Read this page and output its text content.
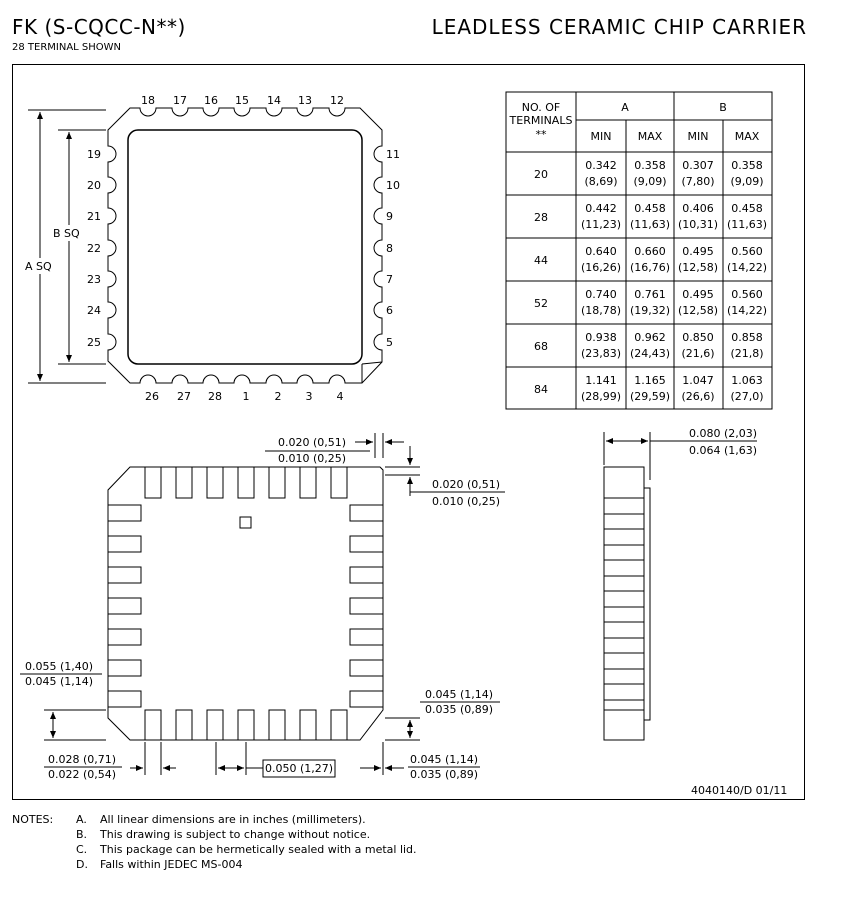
FK (S-CQCC-N**)
28 TERMINAL SHOWN
LEADLESS CERAMIC CHIP CARRIER
A SQ
B SQ
18 17 16 15 14 13 12
19
20
21
22
23
24
25
11
10
9
8
7
6
5
26 27 28 1 2 3 4
NO. OF
TERMINALS
**
A	B
MIN MAX MIN MAX
20
0.342
(8,69)
0.358
(9,09)
0.307
(7,80)
0.358
(9,09)
28
0.442
(11,23)
0.458
(11,63)
0.406
(10,31)
0.458
(11,63)
44
0.640
(16,26)
0.660
(16,76)
0.495
(12,58)
0.560
(14,22)
52
0.740
(18,78)
0.761
(19,32)
0.495
(12,58)
0.560
(14,22)
68
0.938
(23,83)
0.962
(24,43)
0.850
(21,6)
0.858
(21,8)
84
1.141
(28,99)
1.165
(29,59)
1.047
(26,6)
1.063
(27,0)
0.020 (0,51)
0.010 (0,25)
0.020 (0,51)
0.010 (0,25)
0.055 (1,40)
0.045 (1,14)
0.045 (1,14)
0.035 (0,89)
0.028 (0,71)
0.022 (0,54)	0.050 (1,27)
0.045 (1,14)
0.035 (0,89)
0.080 (2,03)
0.064 (1,63)
4040140/D 01/11
NOTES: A. All linear dimensions are in inches (millimeters).
B. This drawing is subject to change without notice.
C. This package can be hermetically sealed with a metal lid.
D. Falls within JEDEC MS-004
